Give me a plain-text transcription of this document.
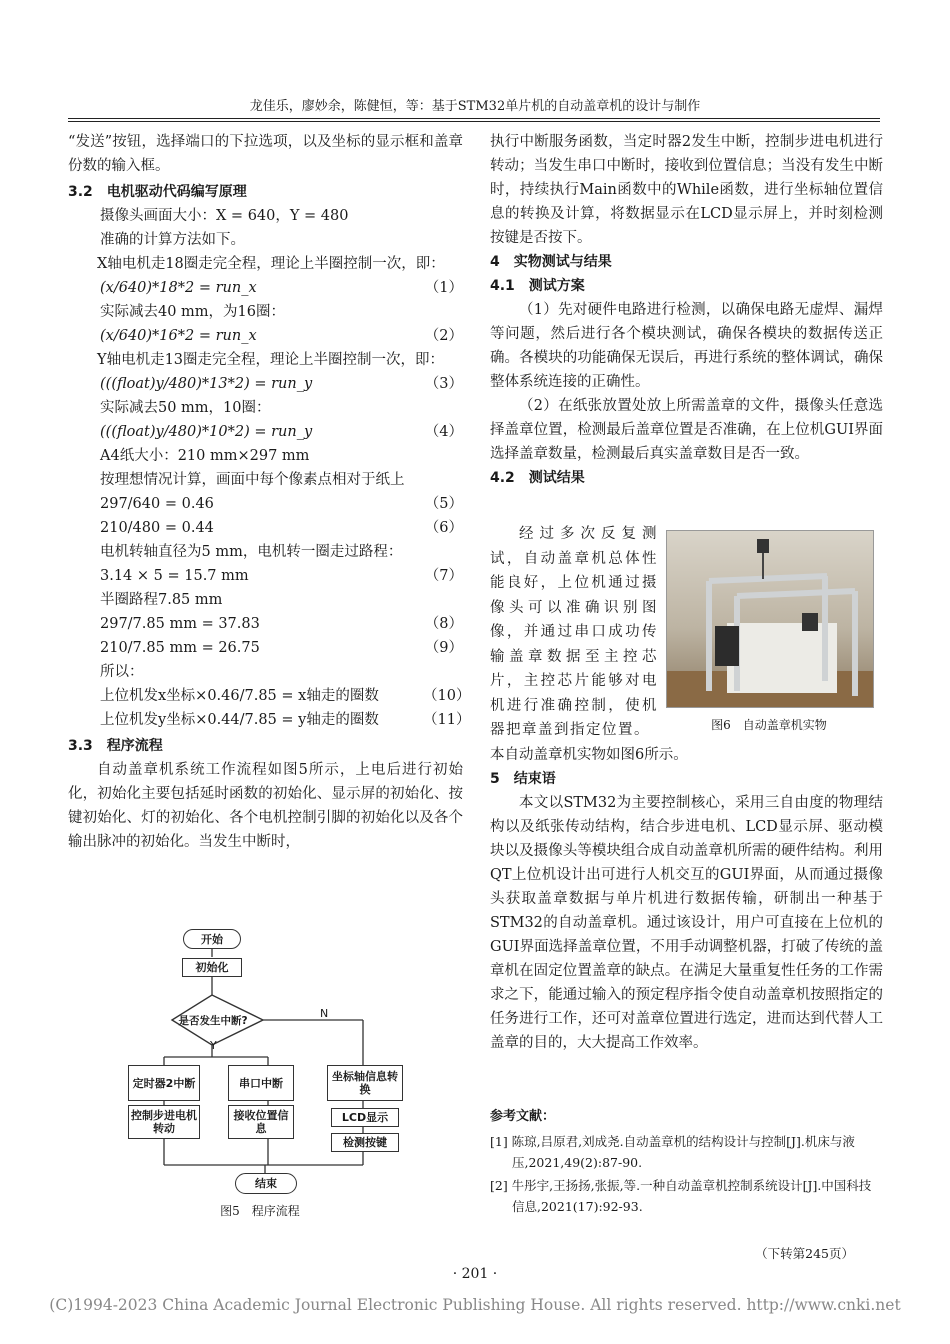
龙佳乐，廖妙余，陈健恒，等：基于STM32单片机的自动盖章机的设计与制作

“发送”按钮，选择端口的下拉选项，以及坐标的显示框和盖章份数的输入框。

3.2　电机驱动代码编写原理

摄像头画面大小：X = 640，Y = 480

准确的计算方法如下。

X轴电机走18圈走完全程，理论上半圈控制一次，即：

(x/640)*18*2 = run_x	（1）

实际减去40 mm，为16圈：

(x/640)*16*2 = run_x	（2）

Y轴电机走13圈走完全程，理论上半圈控制一次，即：

(((float)y/480)*13*2) = run_y	（3）

实际减去50 mm，10圈：

(((float)y/480)*10*2) = run_y	（4）

A4纸大小：210 mm×297 mm

按理想情况计算，画面中每个像素点相对于纸上

297/640 = 0.46	（5）
210/480 = 0.44	（6）

电机转轴直径为5 mm，电机转一圈走过路程：

3.14 × 5 = 15.7 mm	（7）

半圈路程7.85 mm

297/7.85 mm = 37.83	（8）
210/7.85 mm = 26.75	（9）

所以：

上位机发x坐标×0.46/7.85 = x轴走的圈数	（10）
上位机发y坐标×0.44/7.85 = y轴走的圈数	（11）

3.3　程序流程

自动盖章机系统工作流程如图5所示，上电后进行初始化，初始化主要包括延时函数的初始化、显示屏的初始化、按键初始化、灯的初始化、各个电机控制引脚的初始化以及各个输出脉冲的初始化。当发生中断时，

开始
初始化
是否发生中断?
N
Y
定时器2中断	串口中断	坐标轴信息转换
控制步进电机转动
接收位置信息
LCD显示
检测按键
结束
图5　程序流程

执行中断服务函数，当定时器2发生中断，控制步进电机进行转动；当发生串口中断时，接收到位置信息；当没有发生中断时，持续执行Main函数中的While函数，进行坐标轴位置信息的转换及计算，将数据显示在LCD显示屏上，并时刻检测按键是否按下。

4　实物测试与结果

4.1　测试方案

（1）先对硬件电路进行检测，以确保电路无虚焊、漏焊等问题，然后进行各个模块测试，确保各模块的数据传送正确。各模块的功能确保无误后，再进行系统的整体调试，确保整体系统连接的正确性。

（2）在纸张放置处放上所需盖章的文件，摄像头任意选择盖章位置，检测最后盖章位置是否准确，在上位机GUI界面选择盖章数量，检测最后真实盖章数目是否一致。

4.2　测试结果

经过多次反复测试，自动盖章机总体性能良好，上位机通过摄像头可以准确识别图像，并通过串口成功传输盖章数据至主控芯片，主控芯片能够对电机进行准确控制，使机器把章盖到指定位置。	图6　自动盖章机实物

本自动盖章机实物如图6所示。

5　结束语

本文以STM32为主要控制核心，采用三自由度的物理结构以及纸张传动结构，结合步进电机、LCD显示屏、驱动模块以及摄像头等模块组合成自动盖章机所需的硬件结构。利用QT上位机设计出可进行人机交互的GUI界面，从而通过摄像头获取盖章数据与单片机进行数据传输，研制出一种基于STM32的自动盖章机。通过该设计，用户可直接在上位机的GUI界面选择盖章位置，不用手动调整机器，打破了传统的盖章机在固定位置盖章的缺点。在满足大量重复性任务的工作需求之下，能通过输入的预定程序指令使自动盖章机按照指定的任务进行工作，还可对盖章位置进行选定，进而达到代替人工盖章的目的，大大提高工作效率。

参考文献：

[1] 陈琼,吕原君,刘成尧.自动盖章机的结构设计与控制[J].机床与液压,2021,49(2):87-90.

[2] 牛彤宇,王扬扬,张振,等.一种自动盖章机控制系统设计[J].中国科技信息,2021(17):92-93.

（下转第245页）
· 201 ·
(C)1994-2023 China Academic Journal Electronic Publishing House. All rights reserved. http://www.cnki.net
